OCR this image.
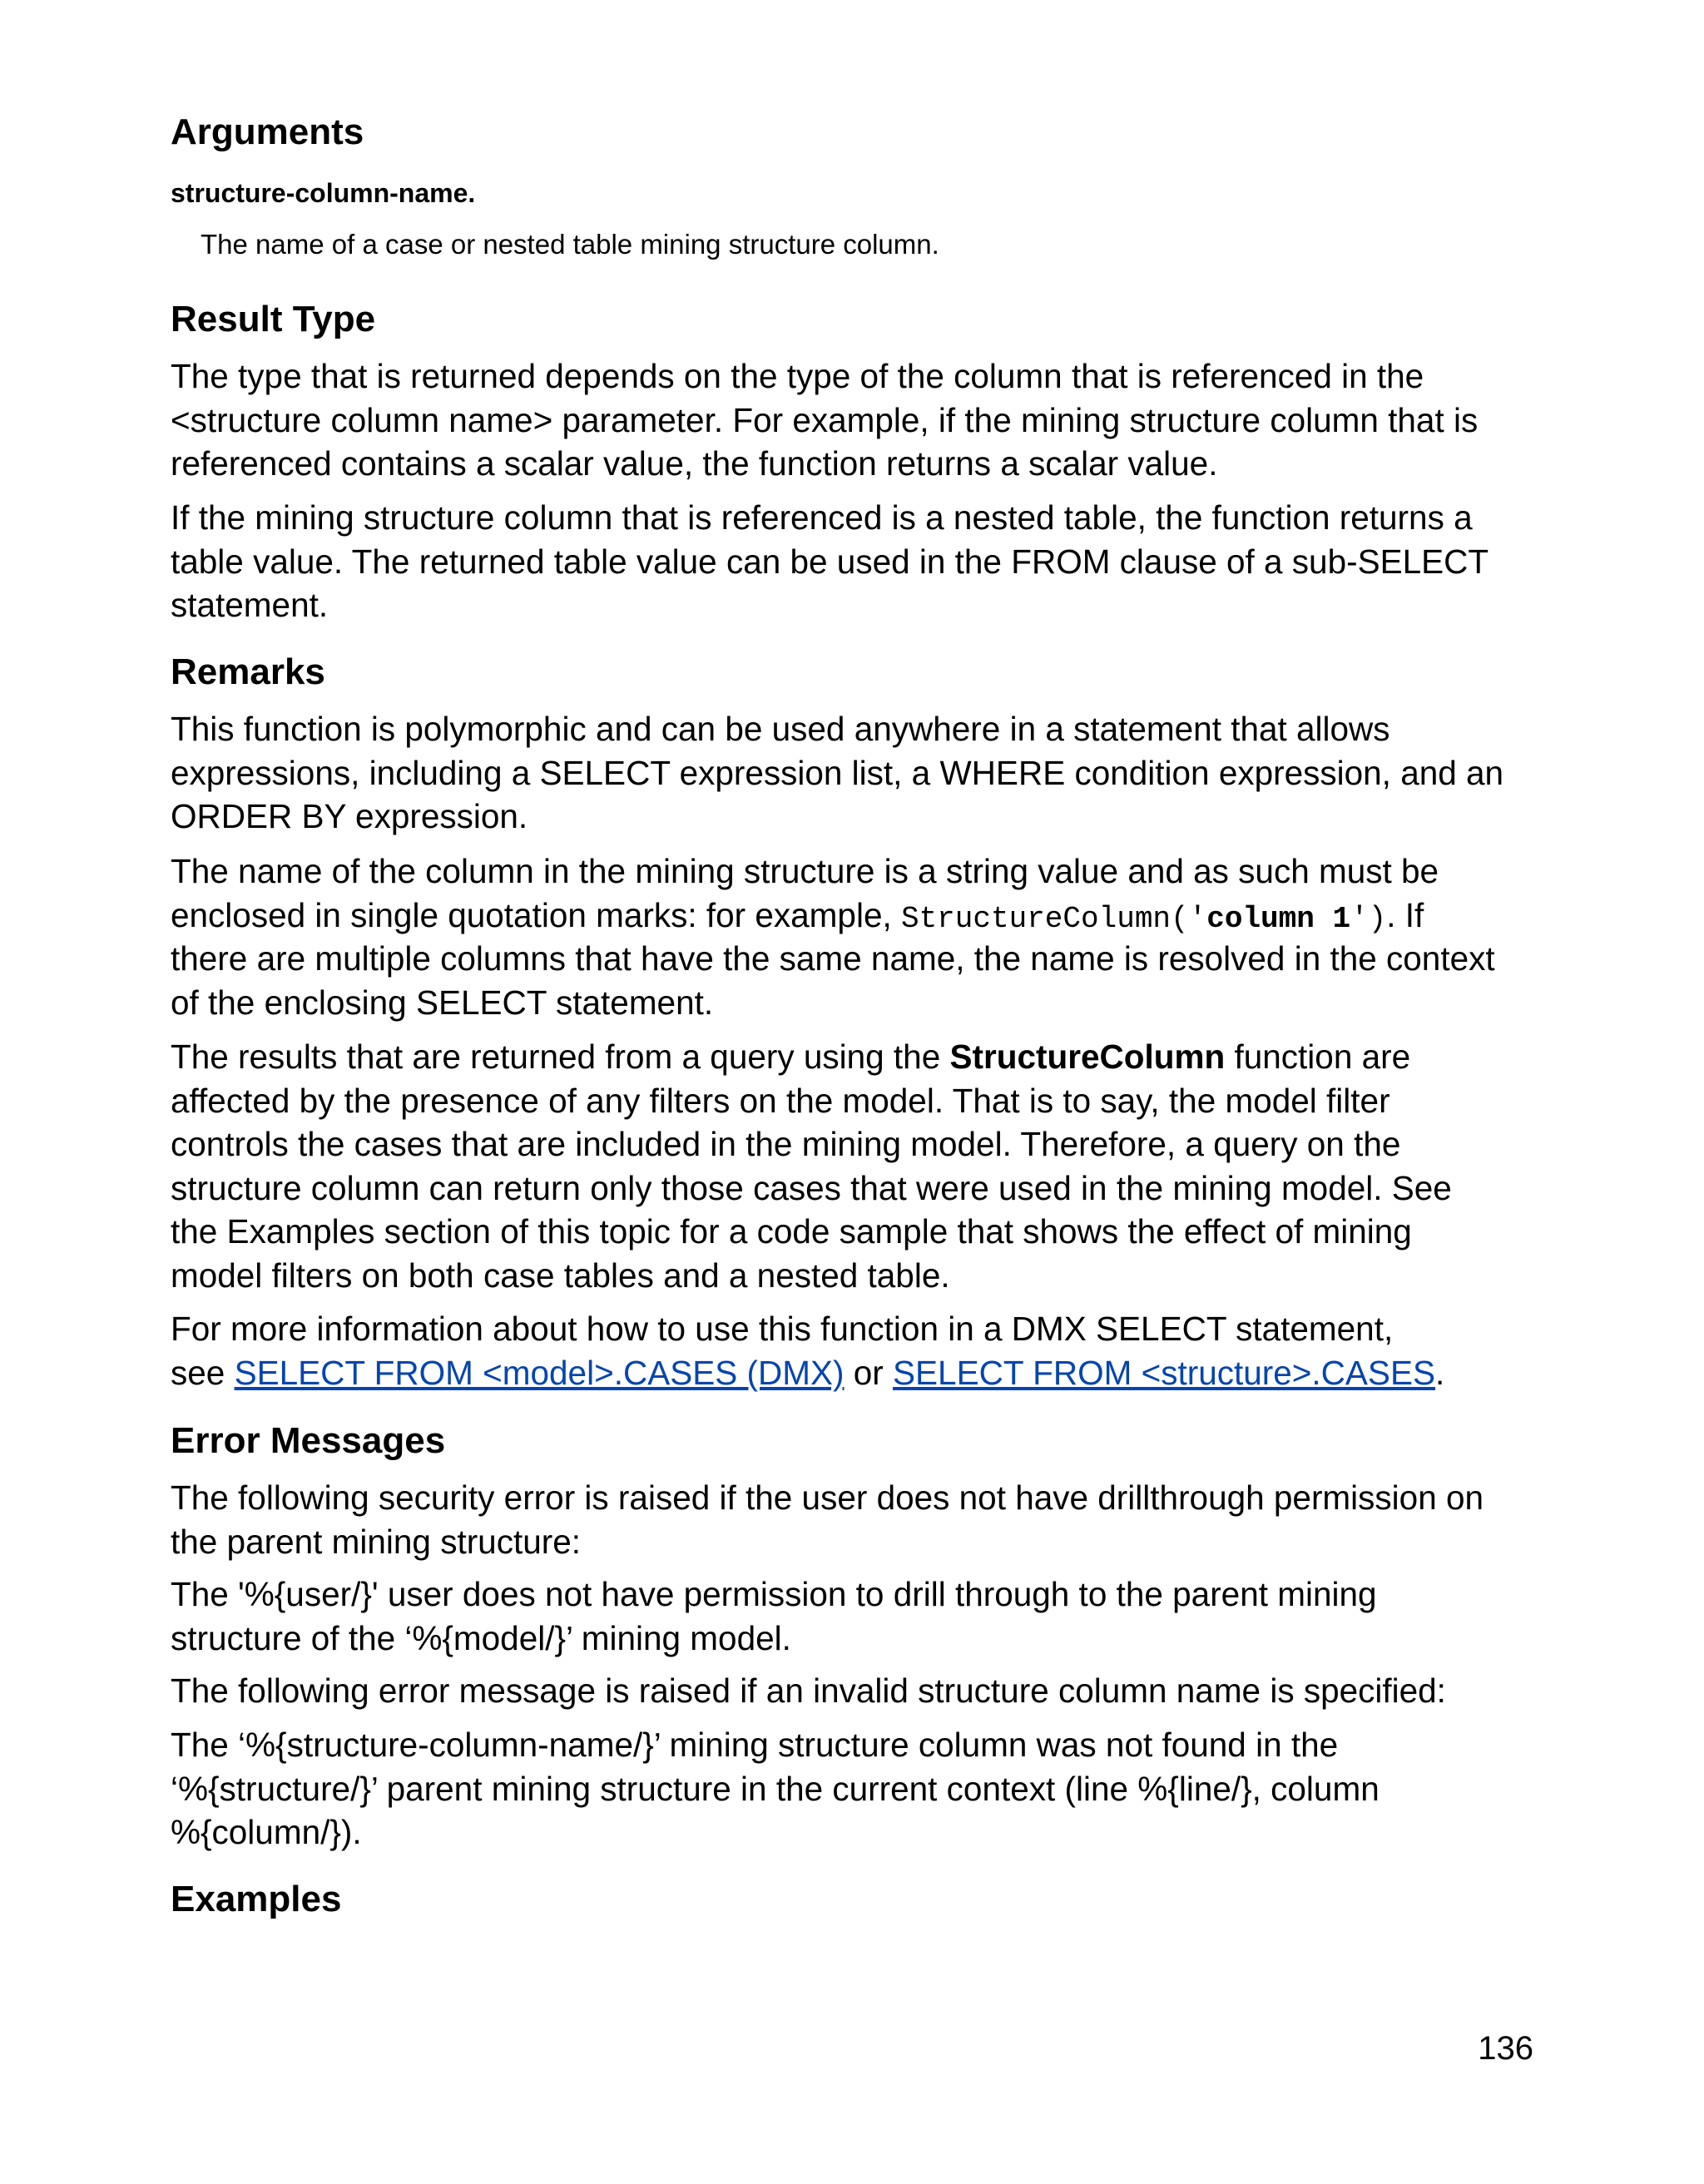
Arguments
structure-column-name.
The name of a case or nested table mining structure column.
Result Type
The type that is returned depends on the type of the column that is referenced in the
<structure column name> parameter. For example, if the mining structure column that is
referenced contains a scalar value, the function returns a scalar value.
If the mining structure column that is referenced is a nested table, the function returns a
table value. The returned table value can be used in the FROM clause of a sub-SELECT
statement.
Remarks
This function is polymorphic and can be used anywhere in a statement that allows
expressions, including a SELECT expression list, a WHERE condition expression, and an
ORDER BY expression.
The name of the column in the mining structure is a string value and as such must be
enclosed in single quotation marks: for example, StructureColumn('column 1'). If
there are multiple columns that have the same name, the name is resolved in the context
of the enclosing SELECT statement.
The results that are returned from a query using the StructureColumn function are
affected by the presence of any filters on the model. That is to say, the model filter
controls the cases that are included in the mining model. Therefore, a query on the
structure column can return only those cases that were used in the mining model. See
the Examples section of this topic for a code sample that shows the effect of mining
model filters on both case tables and a nested table.
For more information about how to use this function in a DMX SELECT statement,
see SELECT FROM <model>.CASES (DMX) or SELECT FROM <structure>.CASES.
Error Messages
The following security error is raised if the user does not have drillthrough permission on
the parent mining structure:
The '%{user/}' user does not have permission to drill through to the parent mining
structure of the ‘%{model/}’ mining model.
The following error message is raised if an invalid structure column name is specified:
The ‘%{structure-column-name/}’ mining structure column was not found in the
‘%{structure/}’ parent mining structure in the current context (line %{line/}, column
%{column/}).
Examples
136
